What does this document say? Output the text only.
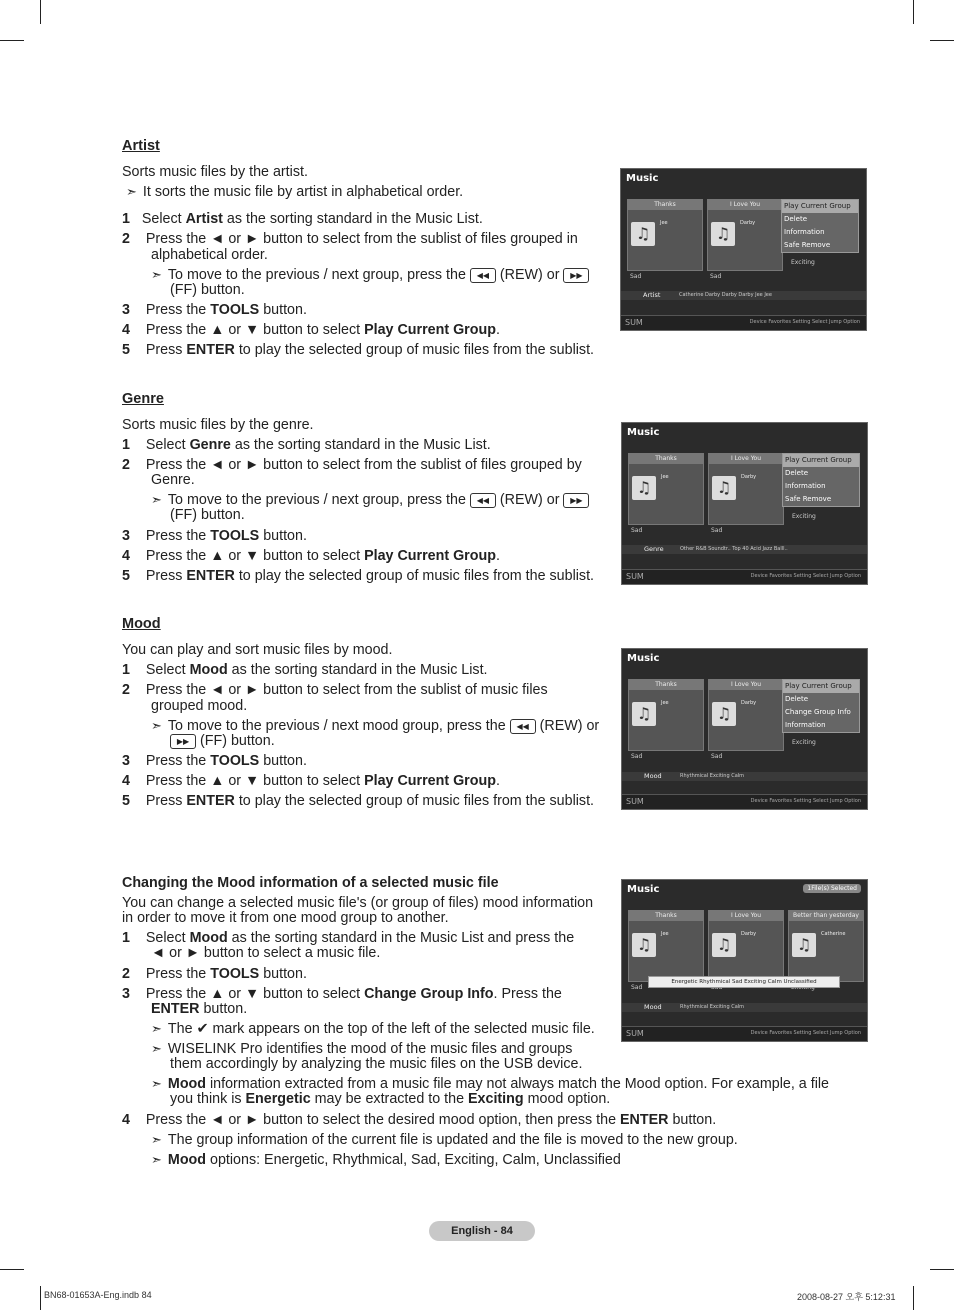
Artist
Sorts music files by the artist.
➣ It sorts the music file by artist in alphabetical order.
1 Select Artist as the sorting standard in the Music List.
2 Press the ◄ or ► button to select from the sublist of files grouped in
alphabetical order.
➣ To move to the previous / next group, press the ◀◀ (REW) or ▶▶
(FF) button.
3 Press the TOOLS button.
4 Press the ▲ or ▼ button to select Play Current Group.
5 Press ENTER to play the selected group of music files from the sublist.
Music
Thanks
♫
Jee
Sad
I Love You
♫
Darby
Sad
Play Current Group
Delete
Information
Safe Remove
Exciting
Artist	Catherine Darby Darby Darby Jee Jee
SUM	Device Favorites Setting Select Jump Option
Genre
Sorts music files by the genre.
1 Select Genre as the sorting standard in the Music List.
2 Press the ◄ or ► button to select from the sublist of files grouped by
Genre.
➣ To move to the previous / next group, press the ◀◀ (REW) or ▶▶
(FF) button.
3 Press the TOOLS button.
4 Press the ▲ or ▼ button to select Play Current Group.
5 Press ENTER to play the selected group of music files from the sublist.
Music
Thanks
♫
Jee
Sad
I Love You
♫
Darby
Sad
Play Current Group
Delete
Information
Safe Remove
Exciting
Genre	Other R&B Soundtr.. Top 40 Acid Jazz Balll..
SUM	Device Favorites Setting Select Jump Option
Mood
You can play and sort music files by mood.
1 Select Mood as the sorting standard in the Music List.
2 Press the ◄ or ► button to select from the sublist of music files
grouped mood.
➣ To move to the previous / next mood group, press the ◀◀ (REW) or
▶▶ (FF) button.
3 Press the TOOLS button.
4 Press the ▲ or ▼ button to select Play Current Group.
5 Press ENTER to play the selected group of music files from the sublist.
Music
Thanks
♫
Jee
Sad
I Love You
♫
Darby
Sad
Play Current Group
Delete
Change Group Info
Information
Exciting
Mood	Rhythmical Exciting Calm
SUM	Device Favorites Setting Select Jump Option
Changing the Mood information of a selected music file
You can change a selected music file's (or group of files) mood information
in order to move it from one mood group to another.
1 Select Mood as the sorting standard in the Music List and press the
◄ or ► button to select a music file.
2 Press the TOOLS button.
3 Press the ▲ or ▼ button to select Change Group Info. Press the
ENTER button.
➣ The ✔ mark appears on the top of the left of the selected music file.
➣ WISELINK Pro identifies the mood of the music files and groups
them accordingly by analyzing the music files on the USB device.
➣ Mood information extracted from a music file may not always match the Mood option. For example, a file
you think is Energetic may be extracted to the Exciting mood option.
4 Press the ◄ or ► button to select the desired mood option, then press the ENTER button.
➣ The group information of the current file is updated and the file is moved to the new group.
➣ Mood options: Energetic, Rhythmical, Sad, Exciting, Calm, Unclassified
Music	1File(s) Selected
Thanks
♫
Jee
Sad
I Love You
♫
Darby
Better than yesterday
♫
Catherine
Energetic Rhythmical Sad Exciting Calm Unclassified
Mood	Rhythmical Exciting Calm
SUM	Device Favorites Setting Select Jump Option
English - 84
BN68-01653A-Eng.indb 84	2008-08-27 오후 5:12:31
